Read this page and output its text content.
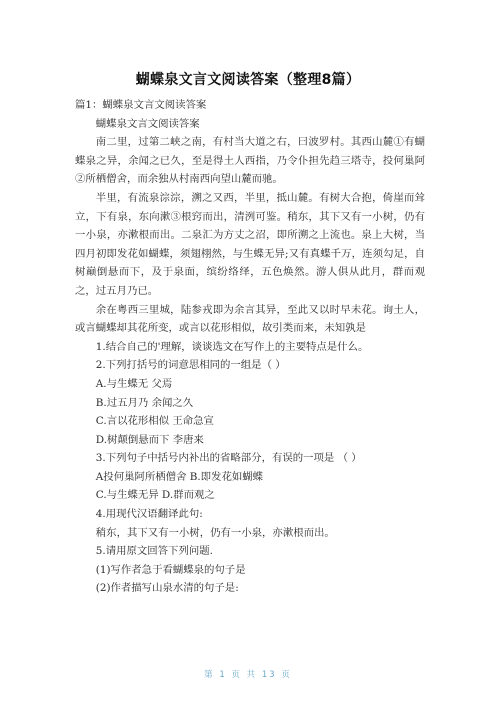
蝴蝶泉文言文阅读答案（整理8篇）

篇1：蝴蝶泉文言文阅读答案

蝴蝶泉文言文阅读答案

南二里，过第二峡之南，有村当大道之右，曰波罗村。其西山麓①有蝴蝶泉之异，余闻之已久，至是得土人西指，乃令仆担先趋三塔寺，投何巢阿②所栖僧舍，而余独从村南西向望山麓而驰。

半里，有流泉淙淙，溯之又西，半里，抵山麓。有树大合抱，倚崖而耸立，下有泉，东向漱③根窍而出，清洌可鉴。稍东，其下又有一小树，仍有一小泉，亦漱根而出。二泉汇为方丈之沼，即所溯之上流也。泉上大树，当四月初即发花如蝴蝶，须翅栩然，与生蝶无异;又有真蝶千万，连须勾足，自树巅倒悬而下，及于泉面，缤纷络绎，五色焕然。游人俱从此月，群而观之，过五月乃已。

余在粤西三里城，陆参戎即为余言其异，至此又以时早未花。询土人，或言蝴蝶却其花所变，或言以花形相似，故引类而来，未知孰是

1.结合自己的'理解，谈谈选文在写作上的主要特点是什么。

2.下列打括号的词意思相同的一组是（ ）

A.与生蝶无 父焉

B.过五月乃 余闻之久

C.言以花形相似 王命急宣

D.树颠倒悬而下 李唐来

3.下列句子中括号内补出的省略部分，有误的一项是 （ ）

A投何巢阿所栖僧舍 B.即发花如蝴蝶

C.与生蝶无异 D.群而观之

4.用现代汉语翻译此句:

稍东，其下又有一小树，仍有一小泉，亦漱根而出。

5.请用原文回答下列问题.

(1)写作者急于看蝴蝶泉的句子是

(2)作者描写山泉水清的句子是:

第 1 页 共 13 页
